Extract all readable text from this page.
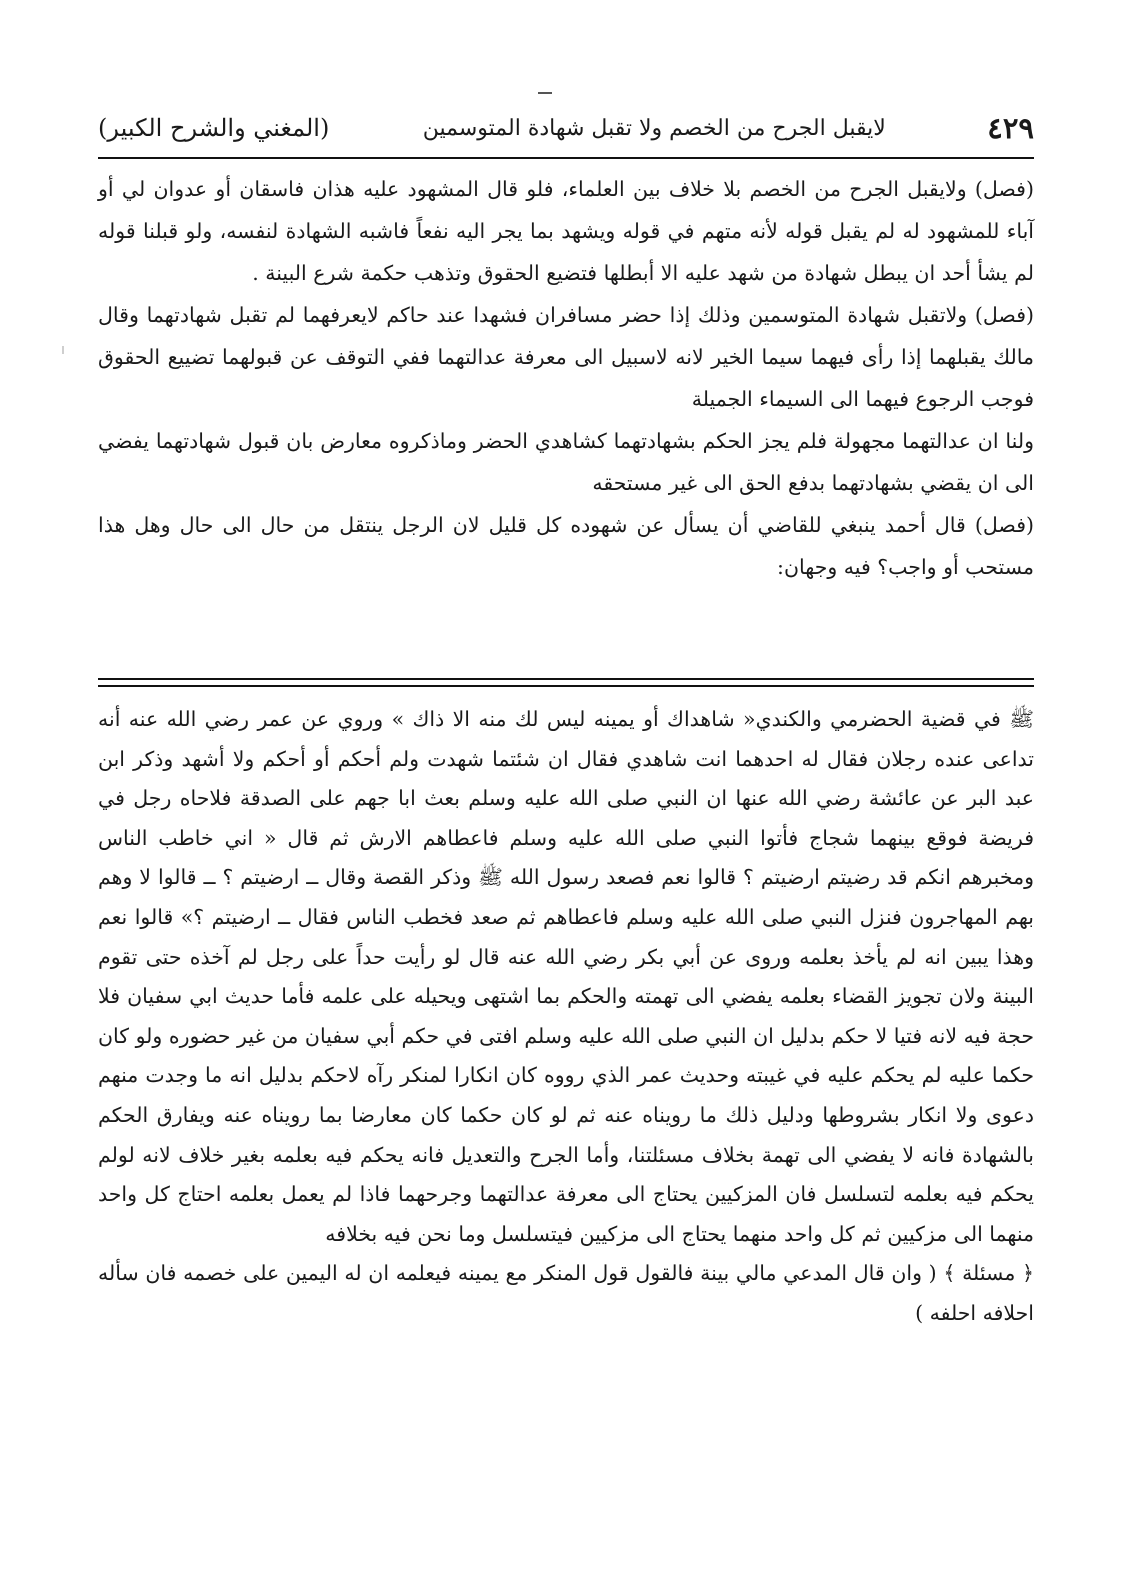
٤٢٩
لايقبل الجرح من الخصم ولا تقبل شهادة المتوسمين
(المغني والشرح الكبير)

(فصل) ولايقبل الجرح من الخصم بلا خلاف بين العلماء، فلو قال المشهود عليه هذان فاسقان أو عدوان لي أو آباء للمشهود له لم يقبل قوله لأنه متهم في قوله ويشهد بما يجر اليه نفعاً فاشبه الشهادة لنفسه، ولو قبلنا قوله لم يشأ أحد ان يبطل شهادة من شهد عليه الا أبطلها فتضيع الحقوق وتذهب حكمة شرع البينة .

(فصل) ولاتقبل شهادة المتوسمين وذلك إذا حضر مسافران فشهدا عند حاكم لايعرفهما لم تقبل شهادتهما وقال مالك يقبلهما إذا رأى فيهما سيما الخير لانه لاسبيل الى معرفة عدالتهما ففي التوقف عن قبولهما تضييع الحقوق فوجب الرجوع فيهما الى السيماء الجميلة

ولنا ان عدالتهما مجهولة فلم يجز الحكم بشهادتهما كشاهدي الحضر وماذكروه معارض بان قبول شهادتهما يفضي الى ان يقضي بشهادتهما بدفع الحق الى غير مستحقه

(فصل) قال أحمد ينبغي للقاضي أن يسأل عن شهوده كل قليل لان الرجل ينتقل من حال الى حال وهل هذا مستحب أو واجب؟ فيه وجهان:

ﷺ في قضية الحضرمي والكندي« شاهداك أو يمينه ليس لك منه الا ذاك » وروي عن عمر رضي الله عنه أنه تداعى عنده رجلان فقال له احدهما انت شاهدي فقال ان شئتما شهدت ولم أحكم أو أحكم ولا أشهد وذكر ابن عبد البر عن عائشة رضي الله عنها ان النبي صلى الله عليه وسلم بعث ابا جهم على الصدقة فلاحاه رجل في فريضة فوقع بينهما شجاج فأتوا النبي صلى الله عليه وسلم فاعطاهم الارش ثم قال « اني خاطب الناس ومخبرهم انكم قد رضيتم ارضيتم ؟ قالوا نعم فصعد رسول الله ﷺ وذكر القصة وقال ــ ارضيتم ؟ ــ قالوا لا وهم بهم المهاجرون فنزل النبي صلى الله عليه وسلم فاعطاهم ثم صعد فخطب الناس فقال ــ ارضيتم ؟» قالوا نعم وهذا يبين انه لم يأخذ بعلمه وروى عن أبي بكر رضي الله عنه قال لو رأيت حداً على رجل لم آخذه حتى تقوم البينة ولان تجويز القضاء بعلمه يفضي الى تهمته والحكم بما اشتهى ويحيله على علمه فأما حديث ابي سفيان فلا حجة فيه لانه فتيا لا حكم بدليل ان النبي صلى الله عليه وسلم افتى في حكم أبي سفيان من غير حضوره ولو كان حكما عليه لم يحكم عليه في غيبته وحديث عمر الذي رووه كان انكارا لمنكر رآه لاحكم بدليل انه ما وجدت منهم دعوى ولا انكار بشروطها ودليل ذلك ما رويناه عنه ثم لو كان حكما كان معارضا بما رويناه عنه ويفارق الحكم بالشهادة فانه لا يفضي الى تهمة بخلاف مسئلتنا، وأما الجرح والتعديل فانه يحكم فيه بعلمه بغير خلاف لانه لولم يحكم فيه بعلمه لتسلسل فان المزكيين يحتاج الى معرفة عدالتهما وجرحهما فاذا لم يعمل بعلمه احتاج كل واحد منهما الى مزكيين ثم كل واحد منهما يحتاج الى مزكيين فيتسلسل وما نحن فيه بخلافه

﴿ مسئلة ﴾ ( وان قال المدعي مالي بينة فالقول قول المنكر مع يمينه فيعلمه ان له اليمين على خصمه فان سأله احلافه احلفه )
